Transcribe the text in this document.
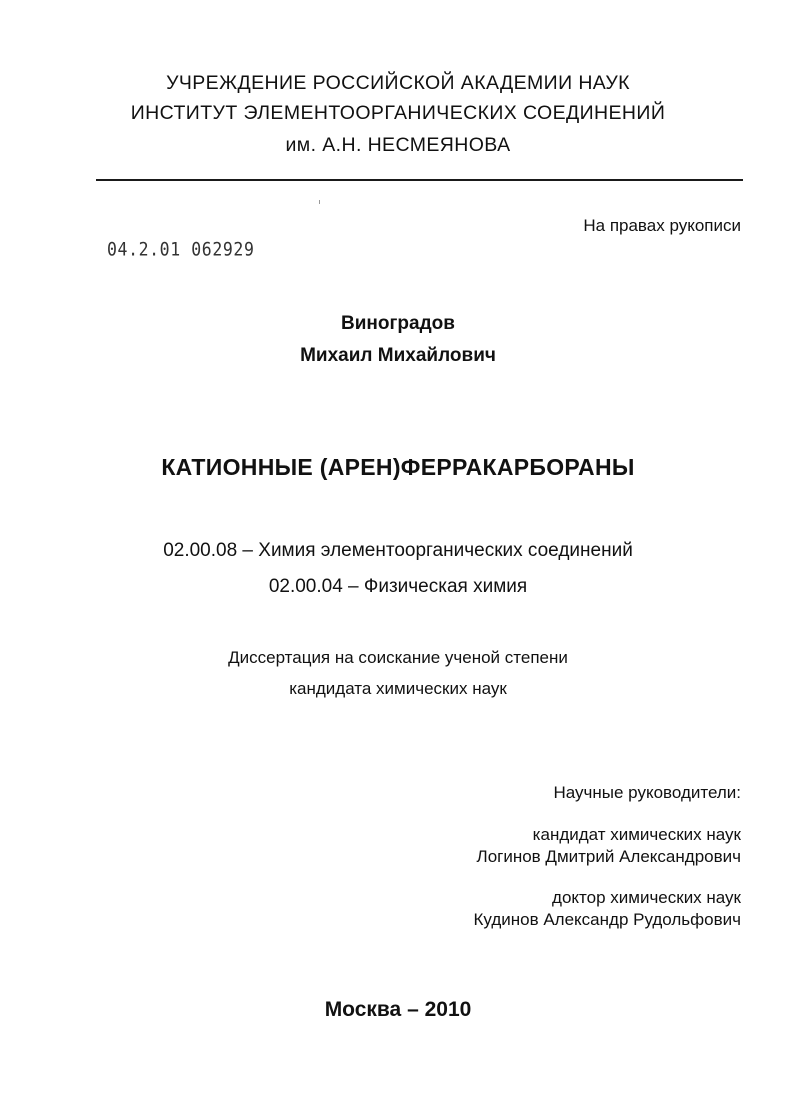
УЧРЕЖДЕНИЕ РОССИЙСКОЙ АКАДЕМИИ НАУК
ИНСТИТУТ ЭЛЕМЕНТООРГАНИЧЕСКИХ СОЕДИНЕНИЙ
им. А.Н. НЕСМЕЯНОВА
На правах рукописи
04.2.01 062929
Виноградов
Михаил Михайлович
КАТИОННЫЕ (АРЕН)ФЕРРАКАРБОРАНЫ
02.00.08 – Химия элементоорганических соединений
02.00.04 – Физическая химия
Диссертация на соискание ученой степени
кандидата химических наук
Научные руководители:
кандидат химических наук
Логинов Дмитрий Александрович
доктор химических наук
Кудинов Александр Рудольфович
Москва – 2010
